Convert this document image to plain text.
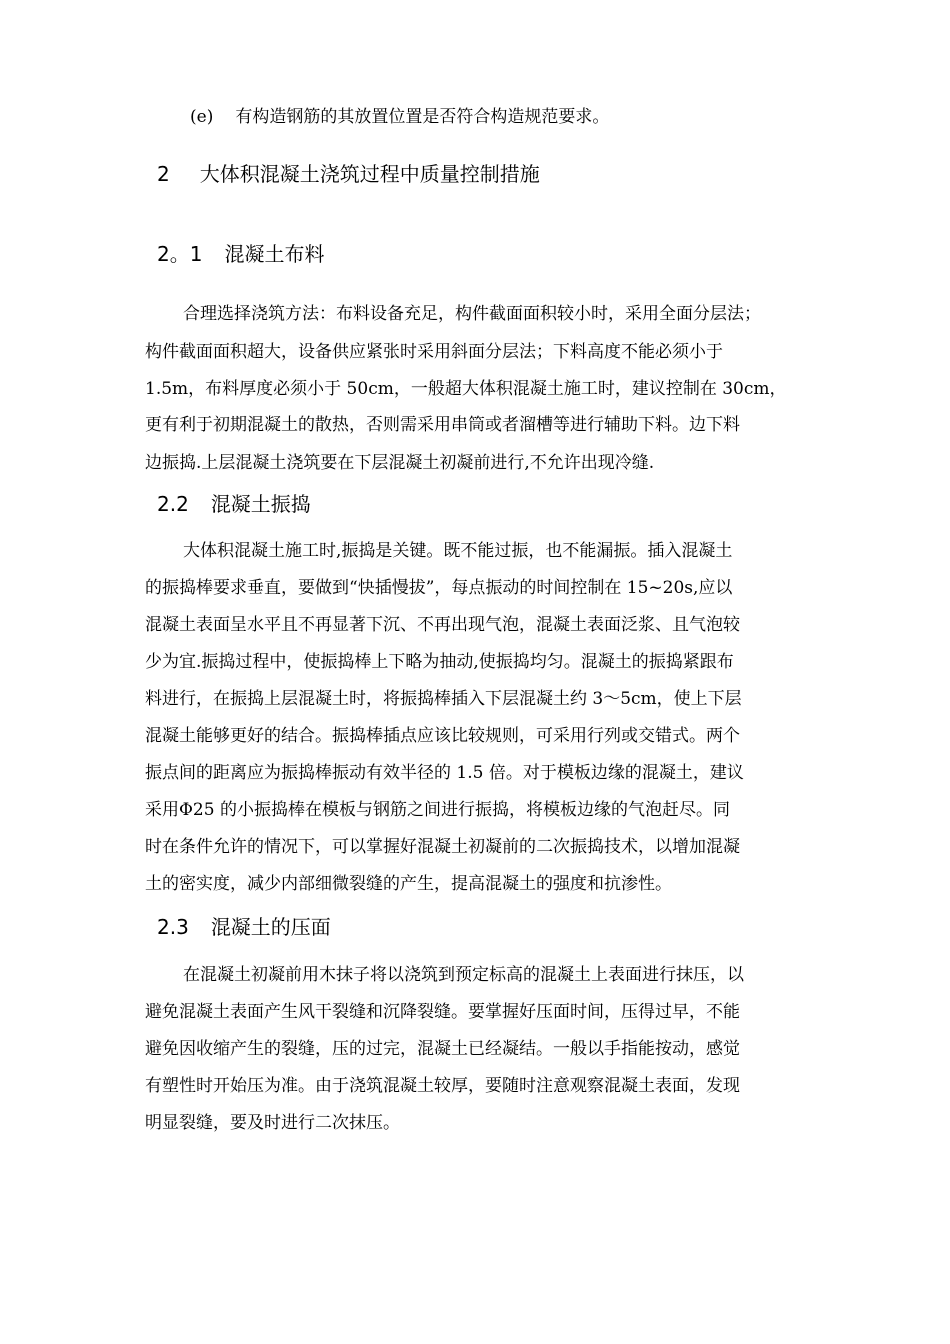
(e) 有构造钢筋的其放置位置是否符合构造规范要求。
2 大体积混凝土浇筑过程中质量控制措施
2。1 混凝土布料
合理选择浇筑方法：布料设备充足，构件截面面积较小时，采用全面分层法；
构件截面面积超大，设备供应紧张时采用斜面分层法；下料高度不能必须小于
1.5m，布料厚度必须小于 50cm，一般超大体积混凝土施工时，建议控制在 30cm，
更有利于初期混凝土的散热，否则需采用串筒或者溜槽等进行辅助下料。边下料
边振捣.上层混凝土浇筑要在下层混凝土初凝前进行,不允许出现冷缝.
2.2 混凝土振捣
大体积混凝土施工时,振捣是关键。既不能过振，也不能漏振。插入混凝土
的振捣棒要求垂直，要做到“快插慢拔”，每点振动的时间控制在 15~20s,应以
混凝土表面呈水平且不再显著下沉、不再出现气泡，混凝土表面泛浆、且气泡较
少为宜.振捣过程中，使振捣棒上下略为抽动,使振捣均匀。混凝土的振捣紧跟布
料进行，在振捣上层混凝土时，将振捣棒插入下层混凝土约 3～5cm，使上下层
混凝土能够更好的结合。振捣棒插点应该比较规则，可采用行列或交错式。两个
振点间的距离应为振捣棒振动有效半径的 1.5 倍。对于模板边缘的混凝土，建议
采用Φ25 的小振捣棒在模板与钢筋之间进行振捣，将模板边缘的气泡赶尽。同
时在条件允许的情况下，可以掌握好混凝土初凝前的二次振捣技术，以增加混凝
土的密实度，减少内部细微裂缝的产生，提高混凝土的强度和抗渗性。
2.3 混凝土的压面
在混凝土初凝前用木抹子将以浇筑到预定标高的混凝土上表面进行抹压，以
避免混凝土表面产生风干裂缝和沉降裂缝。要掌握好压面时间，压得过早，不能
避免因收缩产生的裂缝，压的过完，混凝土已经凝结。一般以手指能按动，感觉
有塑性时开始压为准。由于浇筑混凝土较厚，要随时注意观察混凝土表面，发现
明显裂缝，要及时进行二次抹压。
